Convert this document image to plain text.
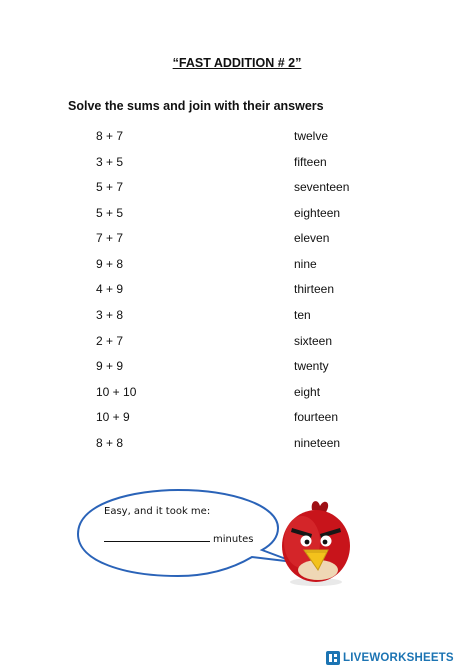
“FAST ADDITION # 2”
Solve the sums and join with their answers
8 + 7	twelve
3 + 5	fifteen
5 + 7	seventeen
5 + 5	eighteen
7 + 7	eleven
9 + 8	nine
4 + 9	thirteen
3 + 8	ten
2 + 7	sixteen
9 + 9	twenty
10 + 10	eight
10 + 9	fourteen
8 + 8	nineteen
Easy, and it took me:
minutes
LIVEWORKSHEETS
